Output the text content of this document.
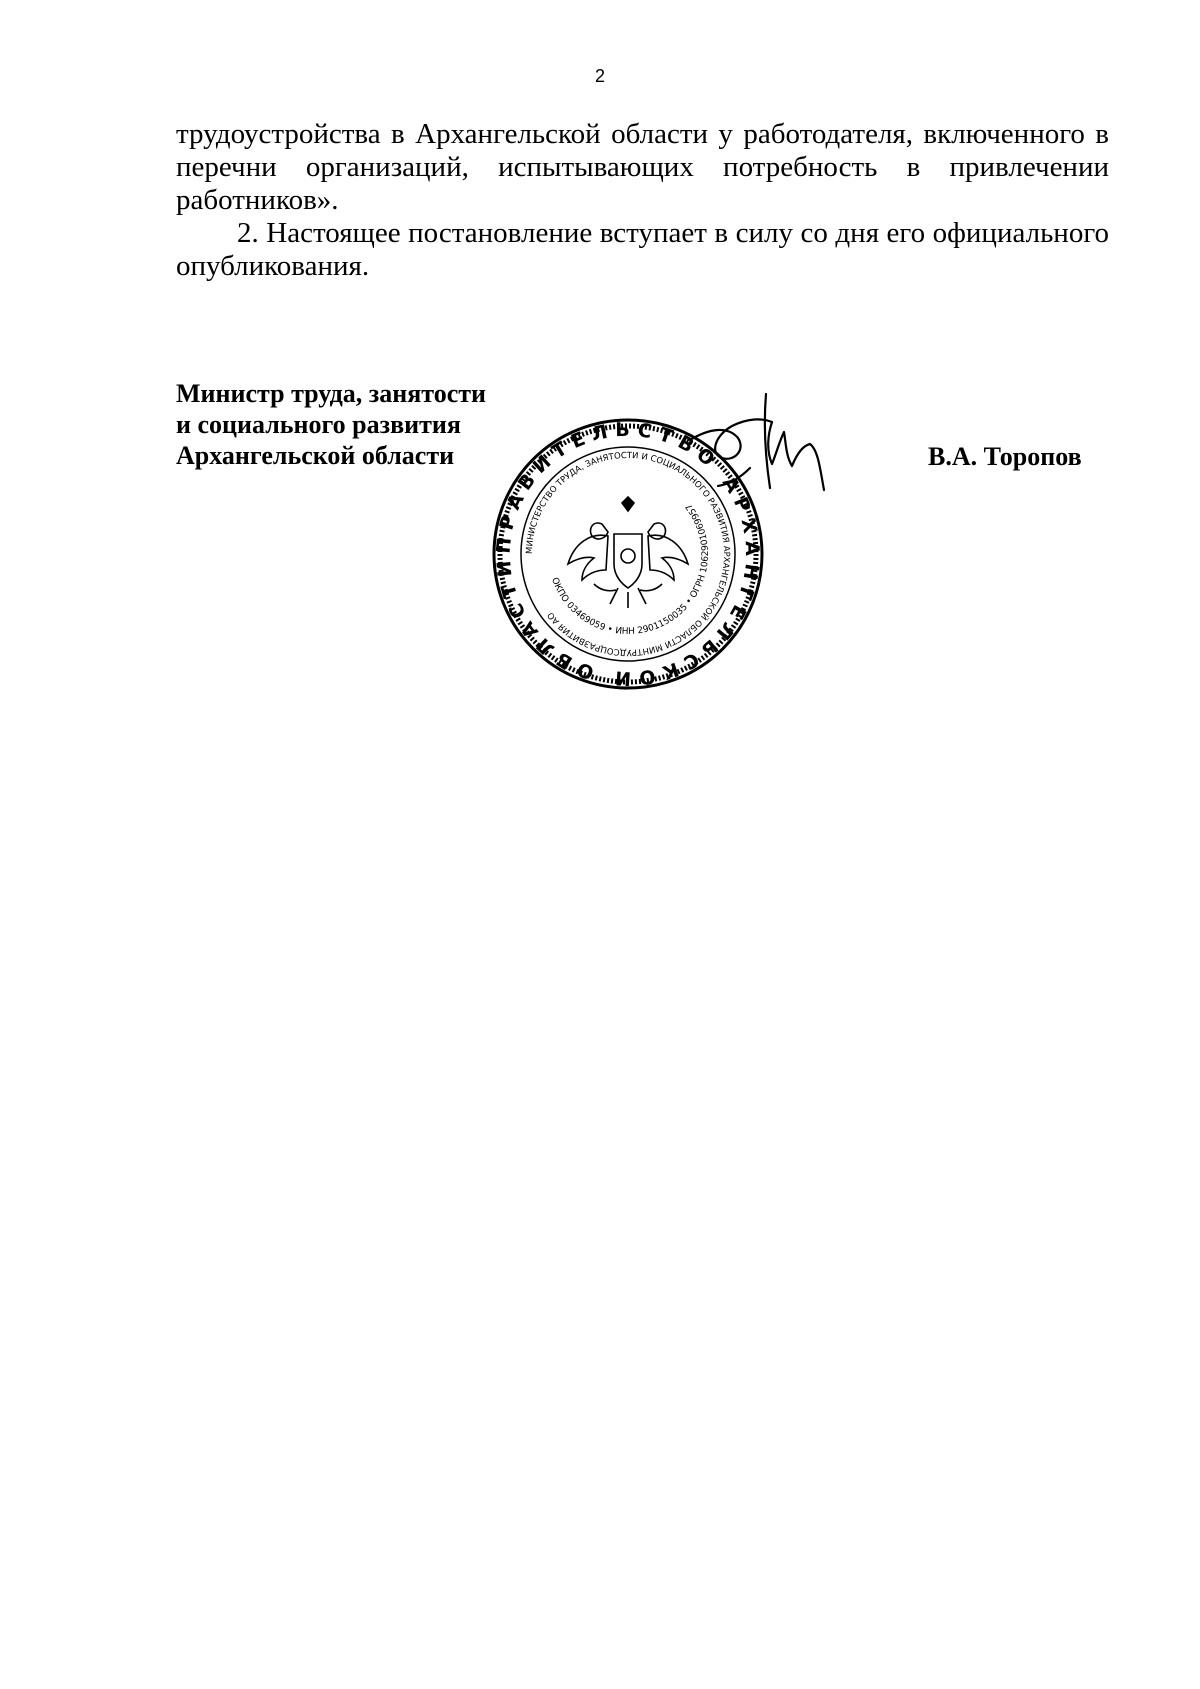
2

трудоустройства в Архангельской области у работодателя, включенного в перечни организаций, испытывающих потребность в привлечении работников».

2. Настоящее постановление вступает в силу со дня его официального опубликования.

Министр труда, занятости
и социального развития
Архангельской области	В.А. Торопов
ПРАВИТЕЛЬСТВО АРХАНГЕЛЬСКОЙ ОБЛАСТИ
МИНИСТЕРСТВО ТРУДА, ЗАНЯТОСТИ И СОЦИАЛЬНОГО РАЗВИТИЯ АРХАНГЕЛЬСКОЙ ОБЛАСТИ МИНТРУДСОЦРАЗВИТИЯ АО
ОКПО 03469059 • ИНН 2901150035 • ОГРН 1062901069957
